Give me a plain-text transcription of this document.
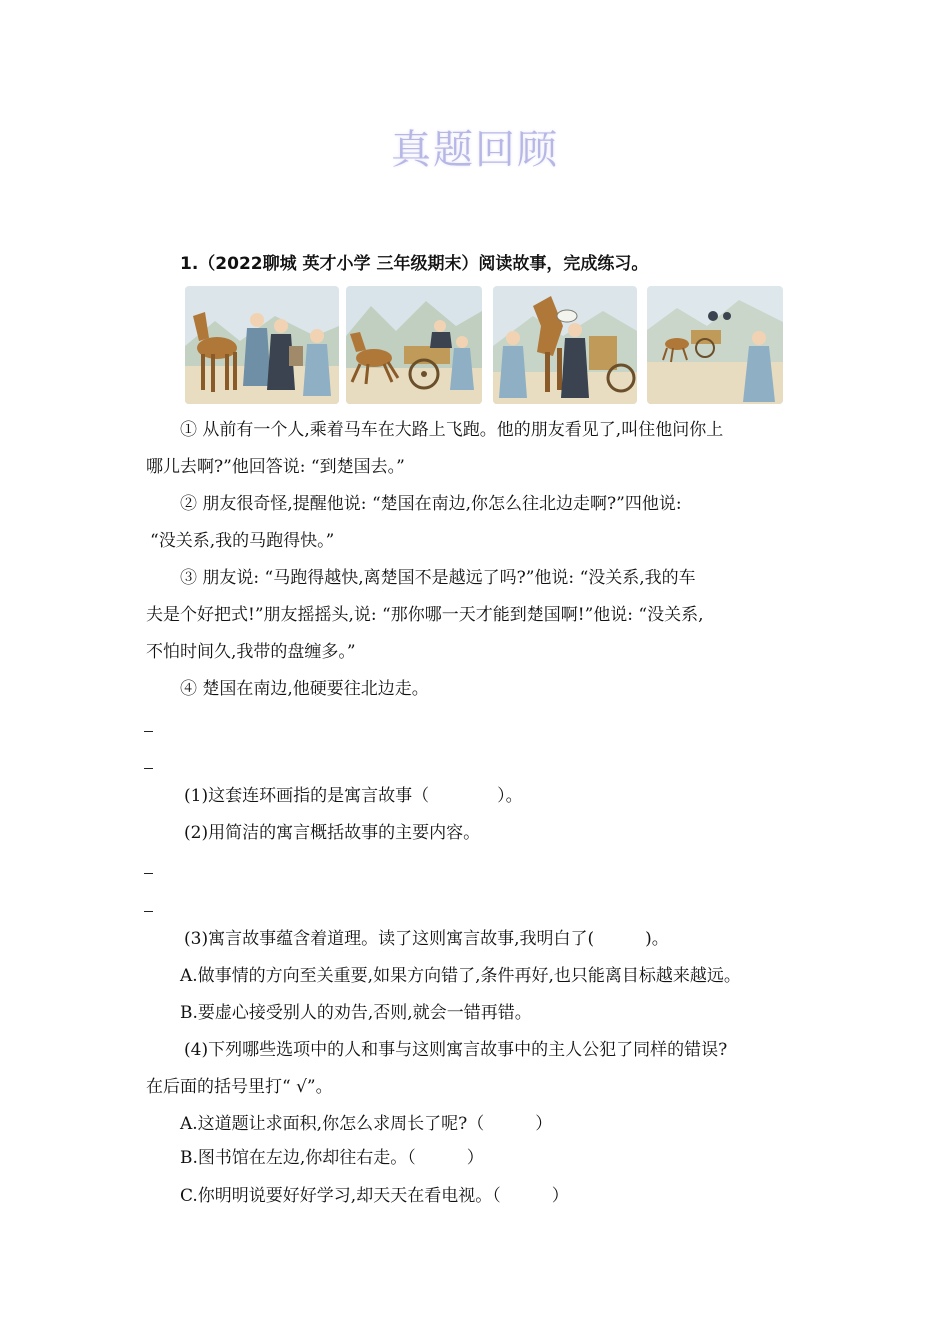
真题回顾
1.（2022聊城 英才小学 三年级期末）阅读故事，完成练习。
① 从前有一个人,乘着马车在大路上飞跑。他的朋友看见了,叫住他问你上
哪儿去啊?”他回答说: “到楚国去。”
② 朋友很奇怪,提醒他说: “楚国在南边,你怎么往北边走啊?”四他说:
“没关系,我的马跑得快。”
③ 朋友说: “马跑得越快,离楚国不是越远了吗?”他说: “没关系,我的车
夫是个好把式!”朋友摇摇头,说: “那你哪一天才能到楚国啊!”他说: “没关系,
不怕时间久,我带的盘缠多。”
④ 楚国在南边,他硬要往北边走。
(1)这套连环画指的是寓言故事（　　　　）。
(2)用简洁的寓言概括故事的主要内容。
(3)寓言故事蕴含着道理。读了这则寓言故事,我明白了(　　　)。
A.做事情的方向至关重要,如果方向错了,条件再好,也只能离目标越来越远。
B.要虚心接受别人的劝告,否则,就会一错再错。
(4)下列哪些选项中的人和事与这则寓言故事中的主人公犯了同样的错误?
在后面的括号里打“ √”。
A.这道题让求面积,你怎么求周长了呢?（　　　）
B.图书馆在左边,你却往右走。（　　　）
C.你明明说要好好学习,却天天在看电视。（　　　）
